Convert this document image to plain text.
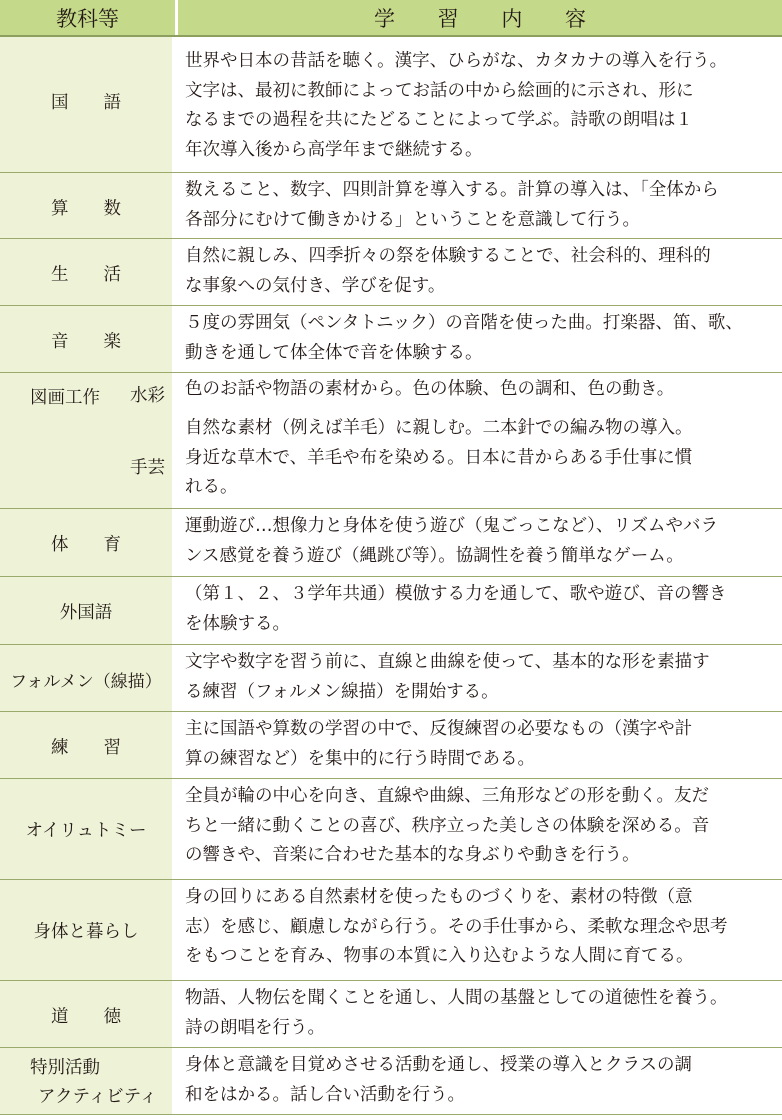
教科等	学 習 内 容
国　　語
世界や日本の昔話を聴く。漢字、ひらがな、カタカナの導入を行う。
文字は、最初に教師によってお話の中から絵画的に示され、形に
なるまでの過程を共にたどることによって学ぶ。詩歌の朗唱は１
年次導入後から高学年まで継続する。
算　　数
数えること、数字、四則計算を導入する。計算の導入は、「全体から
各部分にむけて働きかける」ということを意識して行う。
生　　活
自然に親しみ、四季折々の祭を体験することで、社会科的、理科的
な事象への気付き、学びを促す。
音　　楽
５度の雰囲気（ペンタトニック）の音階を使った曲。打楽器、笛、歌、
動きを通して体全体で音を体験する。
図画工作 水彩
手芸
色のお話や物語の素材から。色の体験、色の調和、色の動き。
自然な素材（例えば羊毛）に親しむ。二本針での編み物の導入。
身近な草木で、羊毛や布を染める。日本に昔からある手仕事に慣
れる。
体　　育
運動遊び…想像力と身体を使う遊び（鬼ごっこなど）、リズムやバラ
ンス感覚を養う遊び（縄跳び等）。協調性を養う簡単なゲーム。
外国語
（第１、２、３学年共通）模倣する力を通して、歌や遊び、音の響き
を体験する。
フォルメン（線描）
文字や数字を習う前に、直線と曲線を使って、基本的な形を素描す
る練習（フォルメン線描）を開始する。
練　　習
主に国語や算数の学習の中で、反復練習の必要なもの（漢字や計
算の練習など）を集中的に行う時間である。
オイリュトミー
全員が輪の中心を向き、直線や曲線、三角形などの形を動く。友だ
ちと一緒に動くことの喜び、秩序立った美しさの体験を深める。音
の響きや、音楽に合わせた基本的な身ぶりや動きを行う。
身体と暮らし
身の回りにある自然素材を使ったものづくりを、素材の特徴（意
志）を感じ、顧慮しながら行う。その手仕事から、柔軟な理念や思考
をもつことを育み、物事の本質に入り込むような人間に育てる。
道　　徳
物語、人物伝を聞くことを通し、人間の基盤としての道徳性を養う。
詩の朗唱を行う。
特別活動
アクティビティ
身体と意識を目覚めさせる活動を通し、授業の導入とクラスの調
和をはかる。話し合い活動を行う。
